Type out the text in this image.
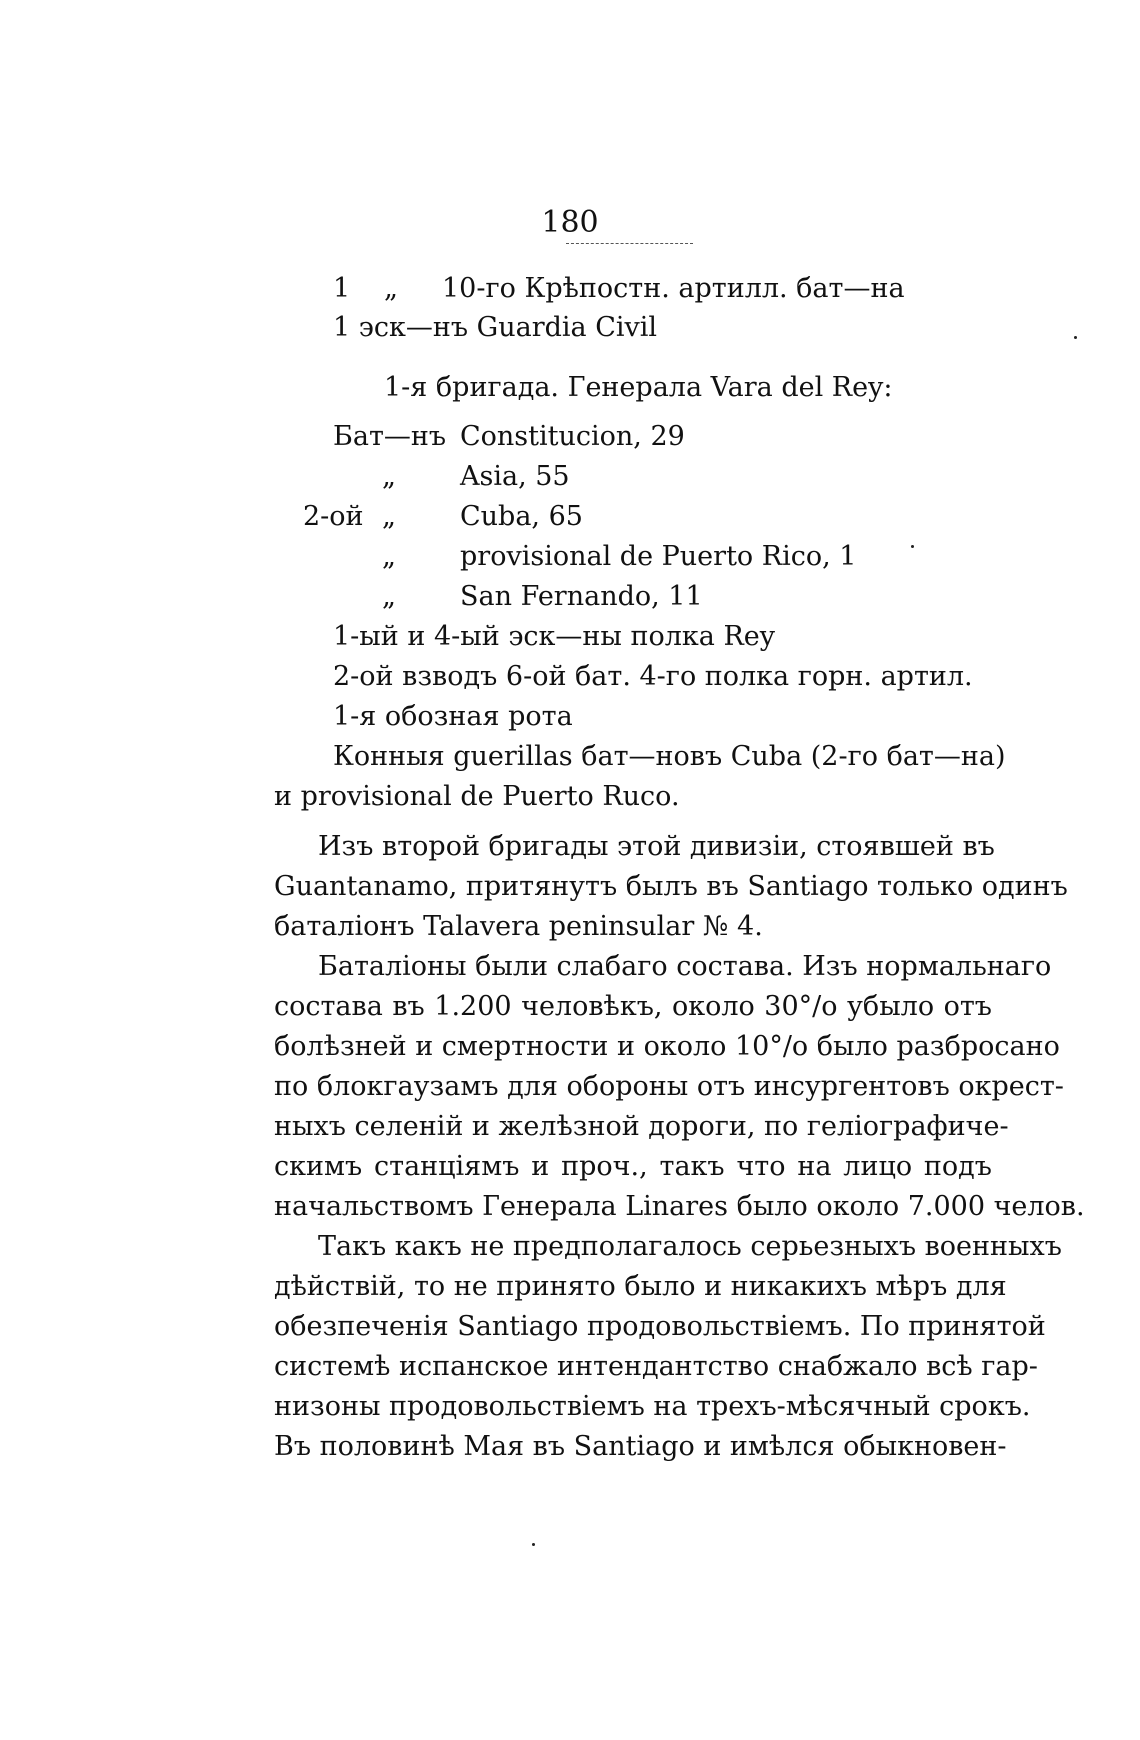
180
1 „ 10-го Крѣпостн. артилл. бат—на
1 эск—нъ Guardia Civil
1-я бригада. Генерала Vara del Rey:
Бат—нъ Constitucion, 29
„ Asia, 55
2-ой „ Cuba, 65
„ provisional de Puerto Rico, 1
„ San Fernando, 11
1-ый и 4-ый эск—ны полка Rey
2-ой взводъ 6-ой бат. 4-го полка горн. артил.
1-я обозная рота
Конныя guerillas бат—новъ Cuba (2-го бат—на)
и provisional de Puerto Ruco.
Изъ второй бригады этой дивизіи, стоявшей въ
Guantanamo, притянутъ былъ въ Santiago только одинъ
баталіонъ Talavera peninsular № 4.
Баталіоны были слабаго состава. Изъ нормальнаго
состава въ 1.200 человѣкъ, около 30°/o убыло отъ
болѣзней и смертности и около 10°/o было разбросано
по блокгаузамъ для обороны отъ инсургентовъ окрест-
ныхъ селеній и желѣзной дороги, по геліографиче-
скимъ станціямъ и проч., такъ что на лицо подъ
начальствомъ Генерала Linares было около 7.000 челов.
Такъ какъ не предполагалось серьезныхъ военныхъ
дѣйствій, то не принято было и никакихъ мѣръ для
обезпеченія Santiago продовольствіемъ. По принятой
системѣ испанское интендантство снабжало всѣ гар-
низоны продовольствіемъ на трехъ-мѣсячный срокъ.
Въ половинѣ Мая въ Santiago и имѣлся обыкновен-
